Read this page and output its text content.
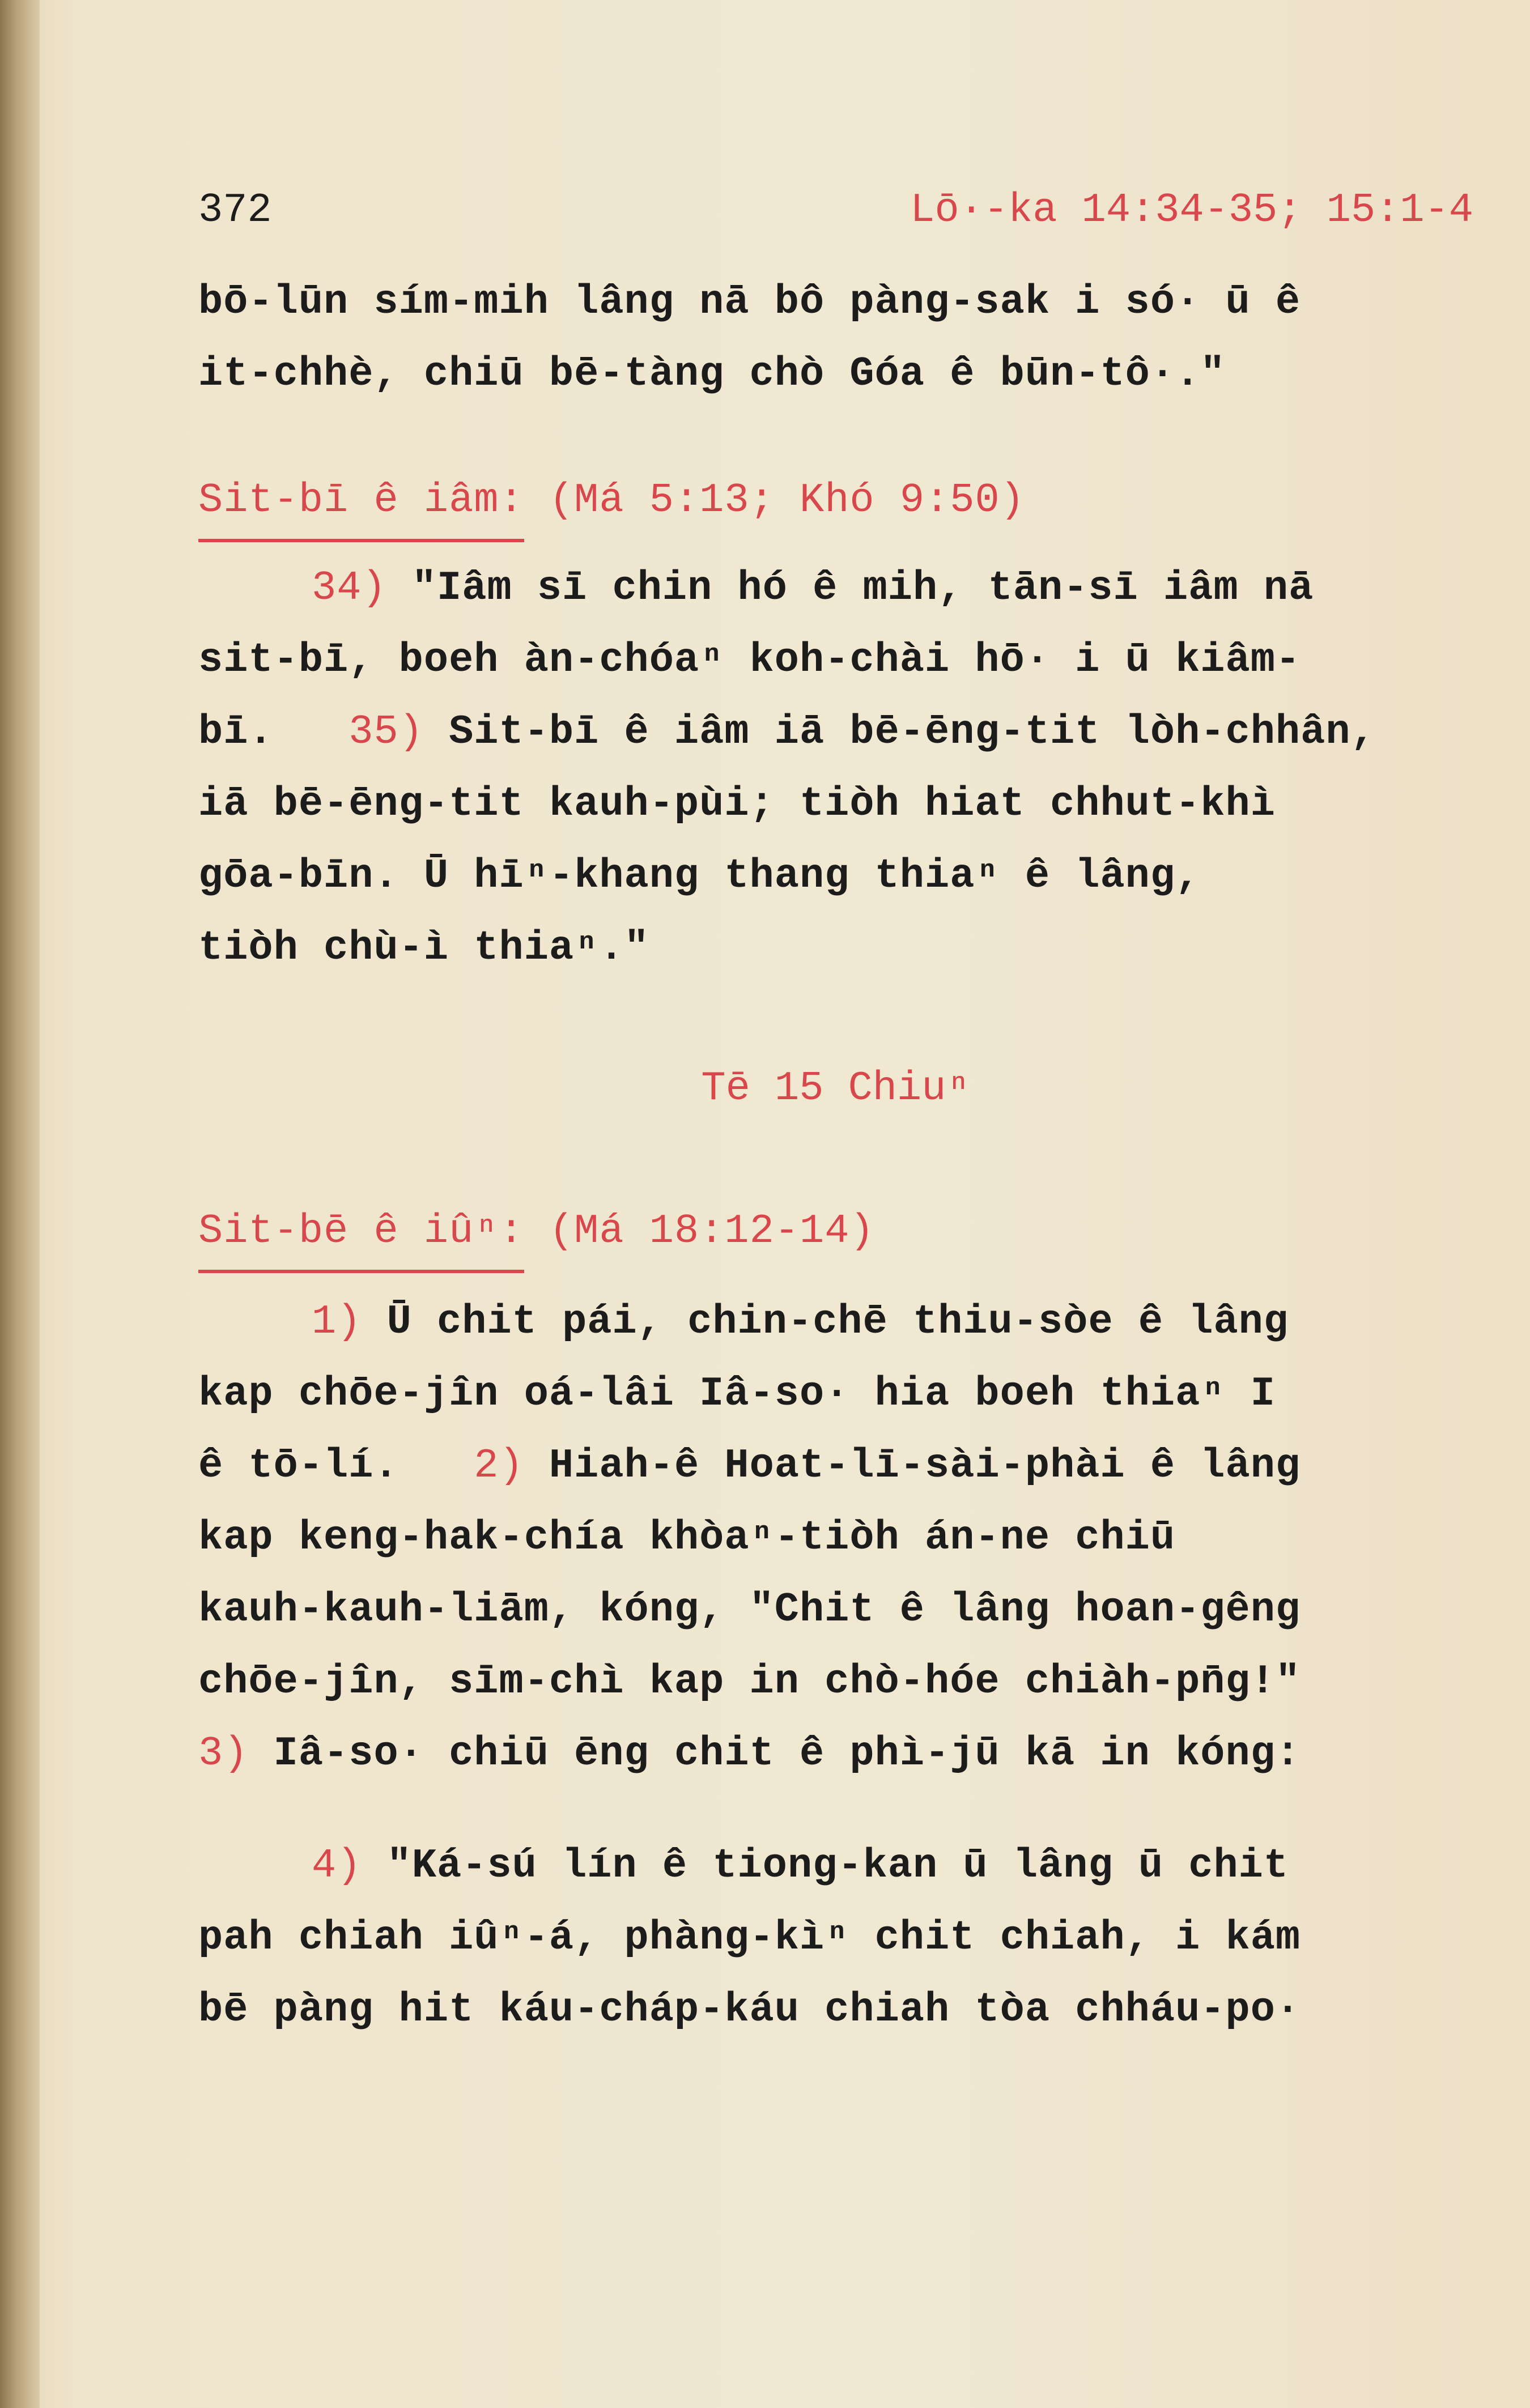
372	Lō·-ka 14:34-35; 15:1-4
bō-lūn sím-mih lâng nā bô pàng-sak i só· ū ê
it-chhè, chiū bē-tàng chò Góa ê būn-tô·."
Sit-bī ê iâm: (Má 5:13; Khó 9:50)
34) "Iâm sī chin hó ê mih, tān-sī iâm nā
sit-bī, boeh àn-chóaⁿ koh-chài hō· i ū kiâm-
bī. 35) Sit-bī ê iâm iā bē-ēng-tit lòh-chhân,
iā bē-ēng-tit kauh-pùi; tiòh hiat chhut-khì
gōa-bīn. Ū hīⁿ-khang thang thiaⁿ ê lâng,
tiòh chù-ì thiaⁿ."
Tē 15 Chiuⁿ
Sit-bē ê iûⁿ: (Má 18:12-14)
1) Ū chit pái, chin-chē thiu-sòe ê lâng
kap chōe-jîn oá-lâi Iâ-so· hia boeh thiaⁿ I
ê tō-lí. 2) Hiah-ê Hoat-lī-sài-phài ê lâng
kap keng-hak-chía khòaⁿ-tiòh án-ne chiū
kauh-kauh-liām, kóng, "Chit ê lâng hoan-gêng
chōe-jîn, sīm-chì kap in chò-hóe chiàh-pn̄g!"
3) Iâ-so· chiū ēng chit ê phì-jū kā in kóng:
4) "Ká-sú lín ê tiong-kan ū lâng ū chit
pah chiah iûⁿ-á, phàng-kìⁿ chit chiah, i kám
bē pàng hit káu-cháp-káu chiah tòa chháu-po·
